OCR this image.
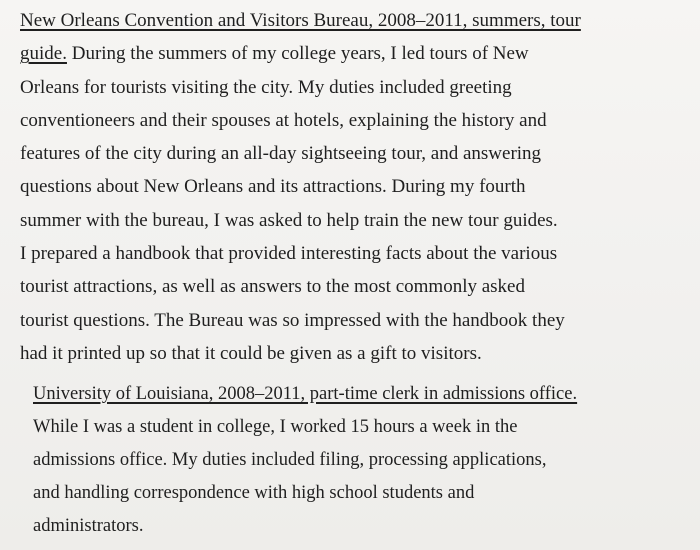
New Orleans Convention and Visitors Bureau, 2008–2011, summers, tour
guide. During the summers of my college years, I led tours of New
Orleans for tourists visiting the city. My duties included greeting
conventioneers and their spouses at hotels, explaining the history and
features of the city during an all-day sightseeing tour, and answering
questions about New Orleans and its attractions. During my fourth
summer with the bureau, I was asked to help train the new tour guides.
I prepared a handbook that provided interesting facts about the various
tourist attractions, as well as answers to the most commonly asked
tourist questions. The Bureau was so impressed with the handbook they
had it printed up so that it could be given as a gift to visitors.
University of Louisiana, 2008–2011, part-time clerk in admissions office.
While I was a student in college, I worked 15 hours a week in the
admissions office. My duties included filing, processing applications,
and handling correspondence with high school students and
administrators.
